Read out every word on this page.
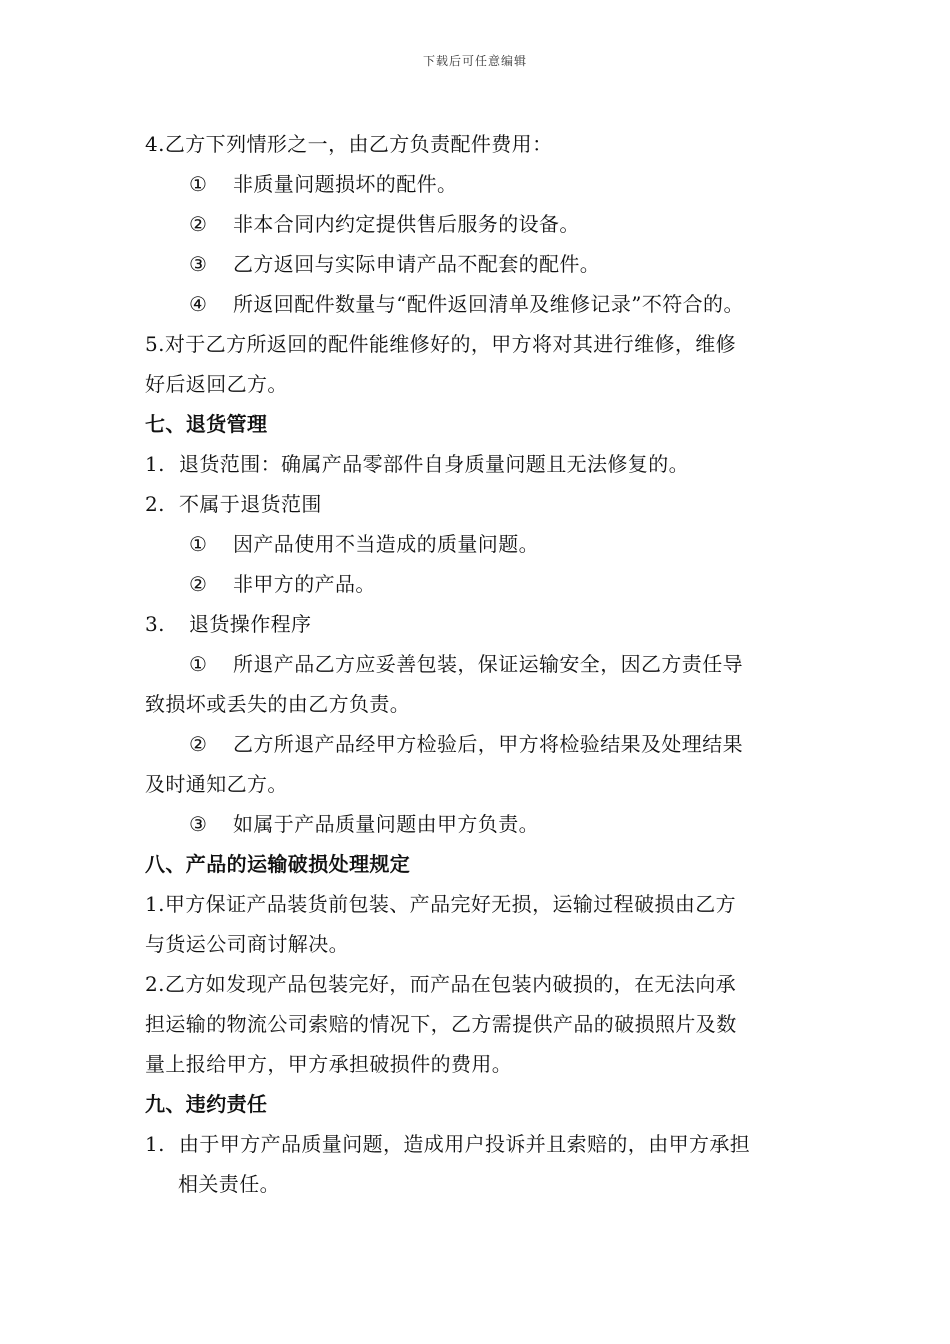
下载后可任意编辑
4.乙方下列情形之一，由乙方负责配件费用：
① 非质量问题损坏的配件。
② 非本合同内约定提供售后服务的设备。
③ 乙方返回与实际申请产品不配套的配件。
④ 所返回配件数量与“配件返回清单及维修记录”不符合的。
5.对于乙方所返回的配件能维修好的，甲方将对其进行维修，维修
好后返回乙方。
七、退货管理
1. 退货范围：确属产品零部件自身质量问题且无法修复的。
2. 不属于退货范围
① 因产品使用不当造成的质量问题。
② 非甲方的产品。
3. 退货操作程序
① 所退产品乙方应妥善包装，保证运输安全，因乙方责任导
致损坏或丢失的由乙方负责。
② 乙方所退产品经甲方检验后，甲方将检验结果及处理结果
及时通知乙方。
③ 如属于产品质量问题由甲方负责。
八、产品的运输破损处理规定
1.甲方保证产品装货前包装、产品完好无损，运输过程破损由乙方
与货运公司商讨解决。
2.乙方如发现产品包装完好，而产品在包装内破损的，在无法向承
担运输的物流公司索赔的情况下，乙方需提供产品的破损照片及数
量上报给甲方，甲方承担破损件的费用。
九、违约责任
1. 由于甲方产品质量问题，造成用户投诉并且索赔的，由甲方承担
相关责任。
